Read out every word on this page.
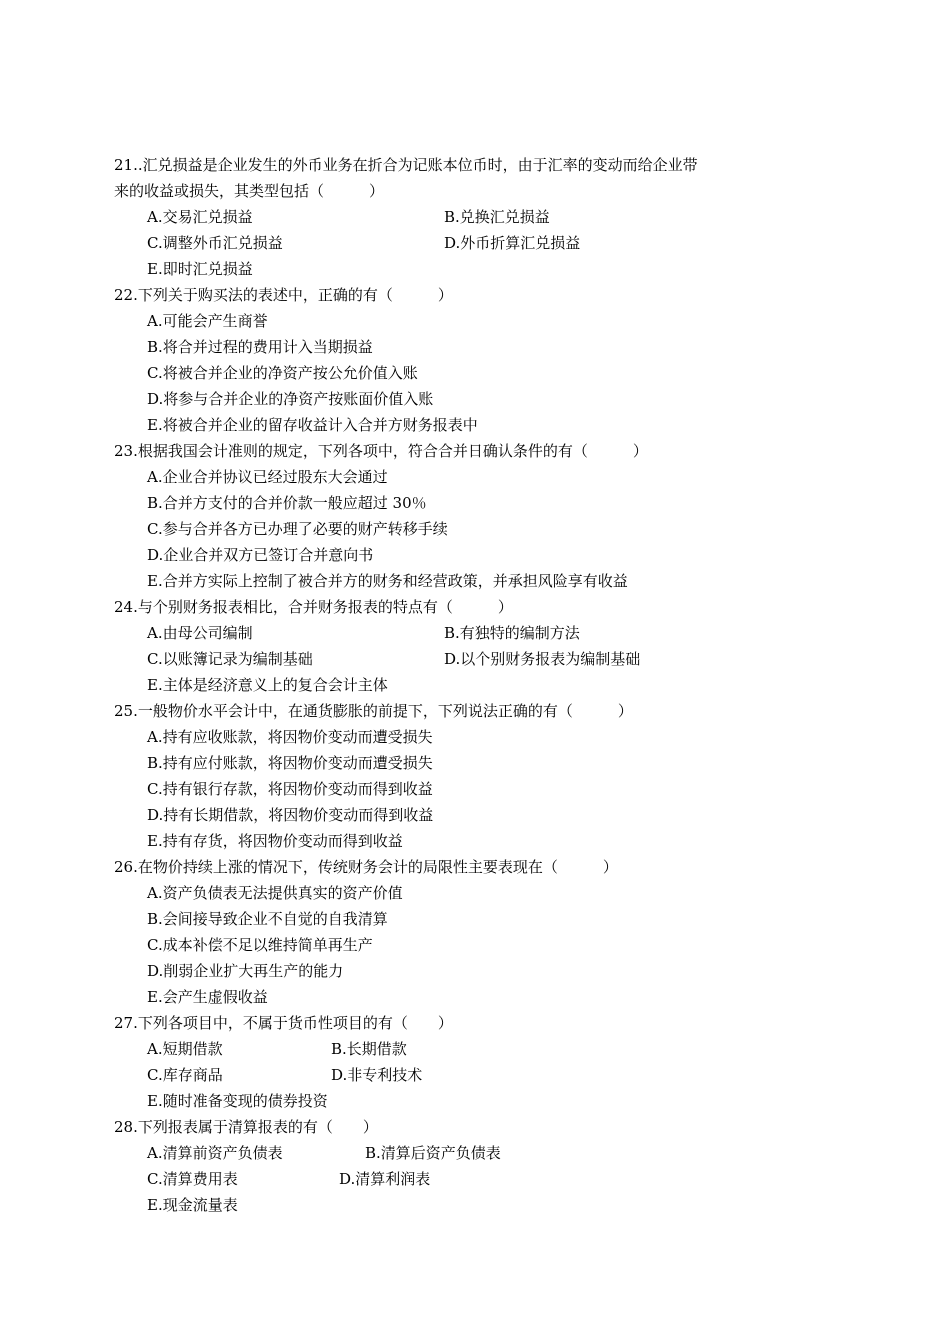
21..汇兑损益是企业发生的外币业务在折合为记账本位币时，由于汇率的变动而给企业带
来的收益或损失，其类型包括（　　　）
A.交易汇兑损益	B.兑换汇兑损益
C.调整外币汇兑损益	D.外币折算汇兑损益
E.即时汇兑损益
22.下列关于购买法的表述中，正确的有（　　　）
A.可能会产生商誉
B.将合并过程的费用计入当期损益
C.将被合并企业的净资产按公允价值入账
D.将参与合并企业的净资产按账面价值入账
E.将被合并企业的留存收益计入合并方财务报表中
23.根据我国会计准则的规定，下列各项中，符合合并日确认条件的有（　　　）
A.企业合并协议已经过股东大会通过
B.合并方支付的合并价款一般应超过 30％
C.参与合并各方已办理了必要的财产转移手续
D.企业合并双方已签订合并意向书
E.合并方实际上控制了被合并方的财务和经营政策，并承担风险享有收益
24.与个别财务报表相比，合并财务报表的特点有（　　　）
A.由母公司编制	B.有独特的编制方法
C.以账簿记录为编制基础	D.以个别财务报表为编制基础
E.主体是经济意义上的复合会计主体
25.一般物价水平会计中，在通货膨胀的前提下，下列说法正确的有（　　　）
A.持有应收账款，将因物价变动而遭受损失
B.持有应付账款，将因物价变动而遭受损失
C.持有银行存款，将因物价变动而得到收益
D.持有长期借款，将因物价变动而得到收益
E.持有存货，将因物价变动而得到收益
26.在物价持续上涨的情况下，传统财务会计的局限性主要表现在（　　　）
A.资产负债表无法提供真实的资产价值
B.会间接导致企业不自觉的自我清算
C.成本补偿不足以维持简单再生产
D.削弱企业扩大再生产的能力
E.会产生虚假收益
27.下列各项目中，不属于货币性项目的有（　　）
A.短期借款	B.长期借款
C.库存商品	D.非专利技术
E.随时准备变现的债券投资
28.下列报表属于清算报表的有（　　）
A.清算前资产负债表	B.清算后资产负债表
C.清算费用表	D.清算利润表
E.现金流量表
